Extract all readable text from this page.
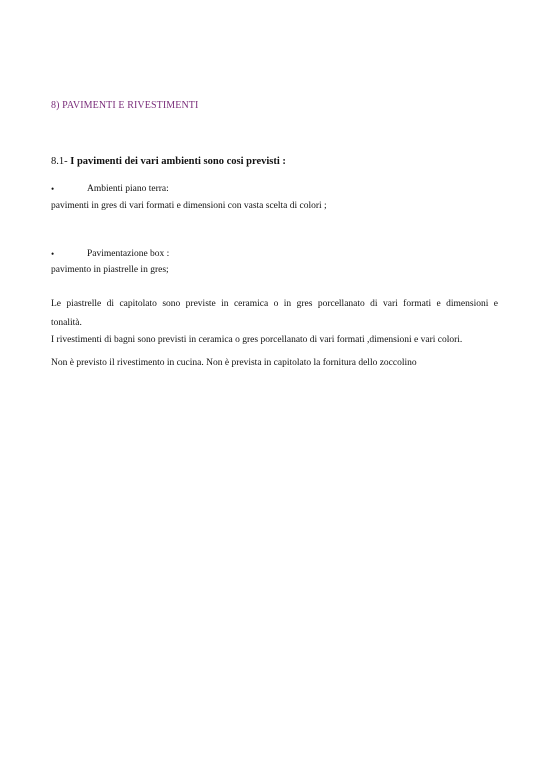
8) PAVIMENTI E RIVESTIMENTI
8.1- I pavimenti dei vari ambienti sono cosi previsti :
•	Ambienti piano terra:
pavimenti in gres di vari formati e dimensioni con vasta scelta di colori ;
•	Pavimentazione box :
pavimento in piastrelle in gres;
Le piastrelle di capitolato sono previste in ceramica o in gres porcellanato di vari formati e dimensioni e
tonalità.
I rivestimenti di bagni sono previsti in ceramica o gres porcellanato di vari formati ,dimensioni e vari colori.
Non è previsto il rivestimento in cucina. Non è prevista in capitolato la fornitura dello zoccolino
